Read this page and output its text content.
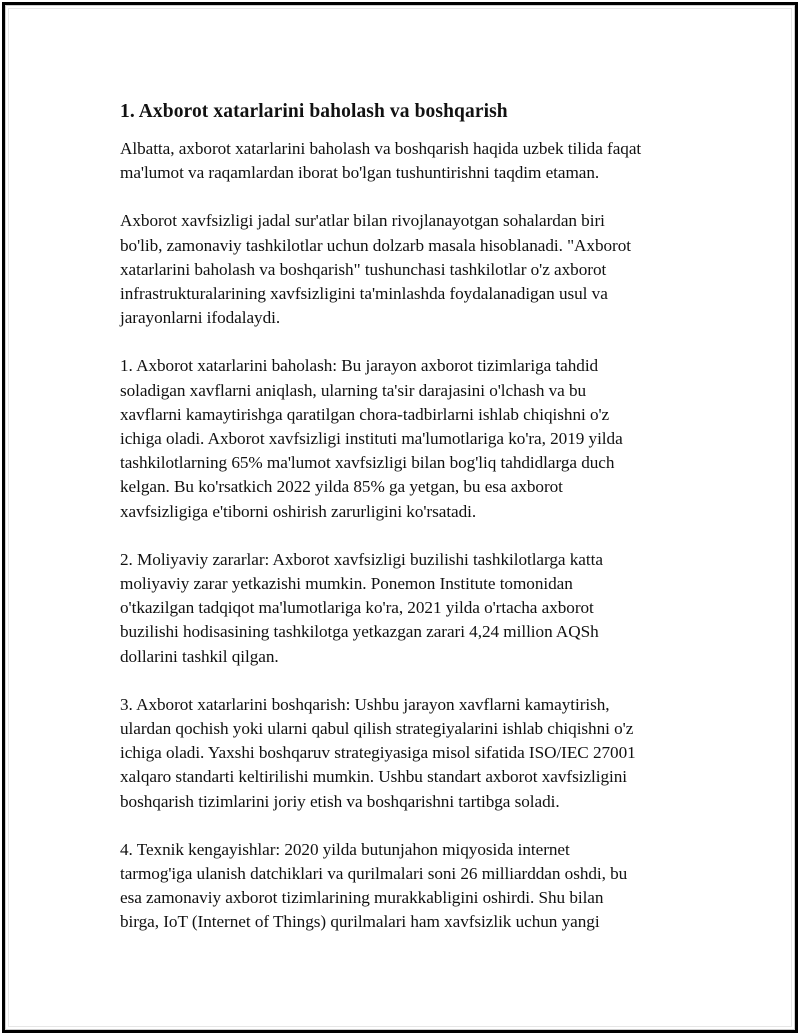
1. Axborot xatarlarini baholash va boshqarish

Albatta, axborot xatarlarini baholash va boshqarish haqida uzbek tilida faqat
ma'lumot va raqamlardan iborat bo'lgan tushuntirishni taqdim etaman.

Axborot xavfsizligi jadal sur'atlar bilan rivojlanayotgan sohalardan biri
bo'lib, zamonaviy tashkilotlar uchun dolzarb masala hisoblanadi. "Axborot
xatarlarini baholash va boshqarish" tushunchasi tashkilotlar o'z axborot
infrastrukturalarining xavfsizligini ta'minlashda foydalanadigan usul va
jarayonlarni ifodalaydi.

1. Axborot xatarlarini baholash: Bu jarayon axborot tizimlariga tahdid
soladigan xavflarni aniqlash, ularning ta'sir darajasini o'lchash va bu
xavflarni kamaytirishga qaratilgan chora-tadbirlarni ishlab chiqishni o'z
ichiga oladi. Axborot xavfsizligi instituti ma'lumotlariga ko'ra, 2019 yilda
tashkilotlarning 65% ma'lumot xavfsizligi bilan bog'liq tahdidlarga duch
kelgan. Bu ko'rsatkich 2022 yilda 85% ga yetgan, bu esa axborot
xavfsizligiga e'tiborni oshirish zarurligini ko'rsatadi.

2. Moliyaviy zararlar: Axborot xavfsizligi buzilishi tashkilotlarga katta
moliyaviy zarar yetkazishi mumkin. Ponemon Institute tomonidan
o'tkazilgan tadqiqot ma'lumotlariga ko'ra, 2021 yilda o'rtacha axborot
buzilishi hodisasining tashkilotga yetkazgan zarari 4,24 million AQSh
dollarini tashkil qilgan.

3. Axborot xatarlarini boshqarish: Ushbu jarayon xavflarni kamaytirish,
ulardan qochish yoki ularni qabul qilish strategiyalarini ishlab chiqishni o'z
ichiga oladi. Yaxshi boshqaruv strategiyasiga misol sifatida ISO/IEC 27001
xalqaro standarti keltirilishi mumkin. Ushbu standart axborot xavfsizligini
boshqarish tizimlarini joriy etish va boshqarishni tartibga soladi.

4. Texnik kengayishlar: 2020 yilda butunjahon miqyosida internet
tarmog'iga ulanish datchiklari va qurilmalari soni 26 milliarddan oshdi, bu
esa zamonaviy axborot tizimlarining murakkabligini oshirdi. Shu bilan
birga, IoT (Internet of Things) qurilmalari ham xavfsizlik uchun yangi
